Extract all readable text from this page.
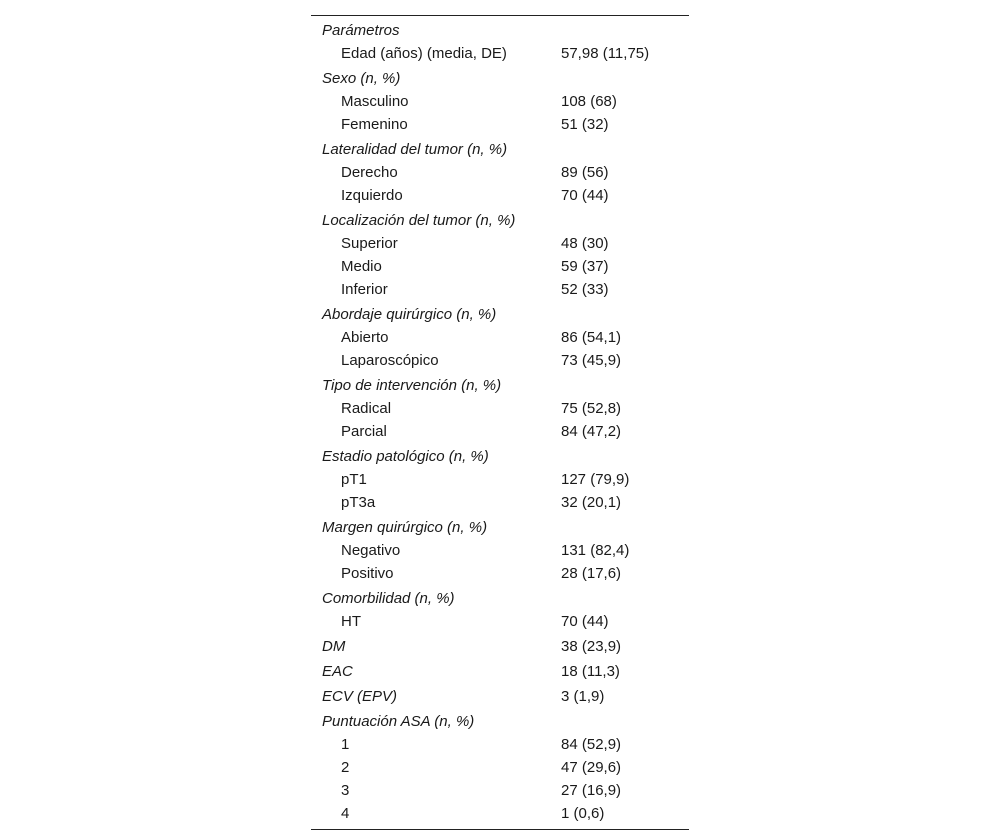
Parámetros
Edad (años) (media, DE)	57,98 (11,75)
Sexo (n, %)
Masculino	108 (68)
Femenino	51 (32)
Lateralidad del tumor (n, %)
Derecho	89 (56)
Izquierdo	70 (44)
Localización del tumor (n, %)
Superior	48 (30)
Medio	59 (37)
Inferior	52 (33)
Abordaje quirúrgico (n, %)
Abierto	86 (54,1)
Laparoscópico	73 (45,9)
Tipo de intervención (n, %)
Radical	75 (52,8)
Parcial	84 (47,2)
Estadio patológico (n, %)
pT1	127 (79,9)
pT3a	32 (20,1)
Margen quirúrgico (n, %)
Negativo	131 (82,4)
Positivo	28 (17,6)
Comorbilidad (n, %)
HT	70 (44)
DM	38 (23,9)
EAC	18 (11,3)
ECV (EPV)	3 (1,9)
Puntuación ASA (n, %)
1	84 (52,9)
2	47 (29,6)
3	27 (16,9)
4	1 (0,6)
